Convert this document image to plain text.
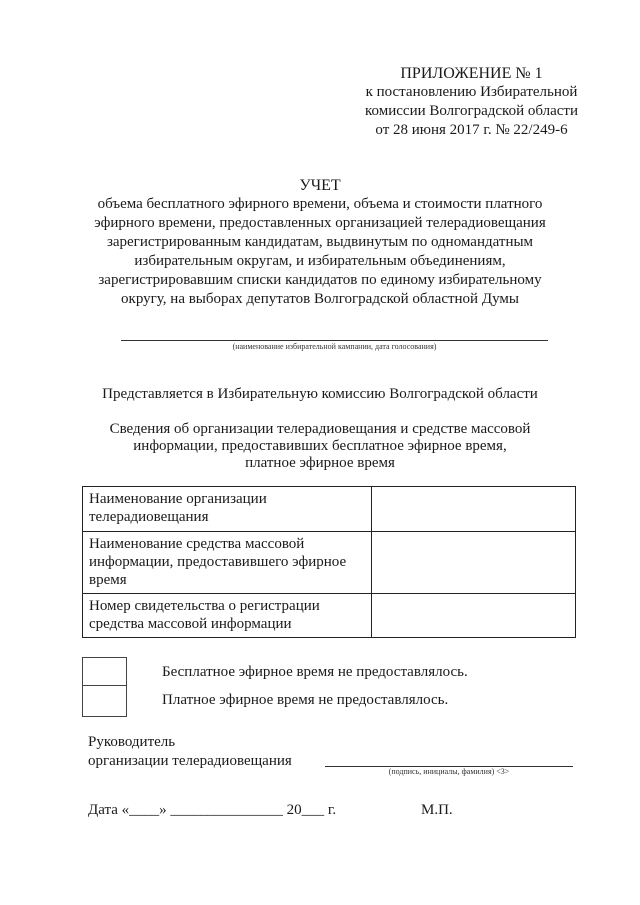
ПРИЛОЖЕНИЕ № 1
к постановлению Избирательной
комиссии Волгоградской области
от 28 июня 2017 г. № 22/249-6
УЧЕТ
объема бесплатного эфирного времени, объема и стоимости платного
эфирного времени, предоставленных организацией телерадиовещания
зарегистрированным кандидатам, выдвинутым по одномандатным
избирательным округам, и избирательным объединениям,
зарегистрировавшим списки кандидатов по единому избирательному
округу, на выборах депутатов Волгоградской областной Думы
(наименование избирательной кампании, дата голосования)
Представляется в Избирательную комиссию Волгоградской области
Сведения об организации телерадиовещания и средстве массовой
информации, предоставивших бесплатное эфирное время,
платное эфирное время
Наименование организации телерадиовещания	
Наименование средства массовой информации, предоставившего эфирное время	
Номер свидетельства о регистрации средства массовой информации	
Бесплатное эфирное время не предоставлялось.
Платное эфирное время не предоставлялось.
Руководитель
организации телерадиовещания
(подпись, инициалы, фамилия) <3>
Дата «____» _______________ 20___ г.	М.П.
